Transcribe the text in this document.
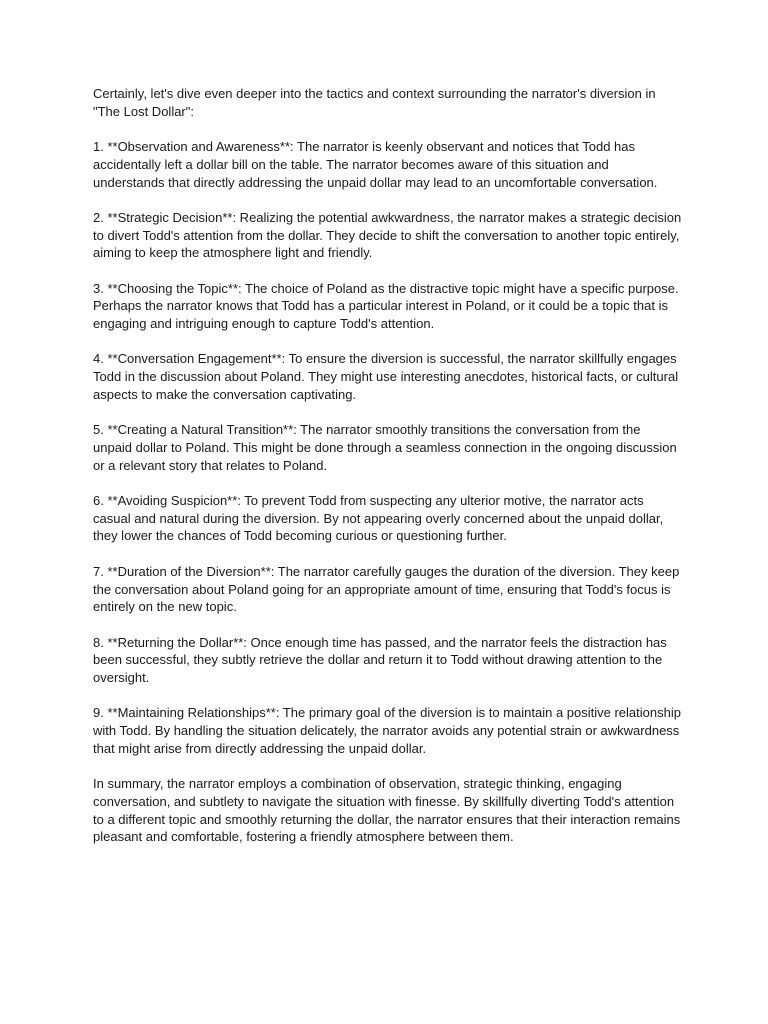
Certainly, let's dive even deeper into the tactics and context surrounding the narrator's diversion in "The Lost Dollar":

1. **Observation and Awareness**: The narrator is keenly observant and notices that Todd has accidentally left a dollar bill on the table. The narrator becomes aware of this situation and understands that directly addressing the unpaid dollar may lead to an uncomfortable conversation.

2. **Strategic Decision**: Realizing the potential awkwardness, the narrator makes a strategic decision to divert Todd's attention from the dollar. They decide to shift the conversation to another topic entirely, aiming to keep the atmosphere light and friendly.

3. **Choosing the Topic**: The choice of Poland as the distractive topic might have a specific purpose. Perhaps the narrator knows that Todd has a particular interest in Poland, or it could be a topic that is engaging and intriguing enough to capture Todd's attention.

4. **Conversation Engagement**: To ensure the diversion is successful, the narrator skillfully engages Todd in the discussion about Poland. They might use interesting anecdotes, historical facts, or cultural aspects to make the conversation captivating.

5. **Creating a Natural Transition**: The narrator smoothly transitions the conversation from the unpaid dollar to Poland. This might be done through a seamless connection in the ongoing discussion or a relevant story that relates to Poland.

6. **Avoiding Suspicion**: To prevent Todd from suspecting any ulterior motive, the narrator acts casual and natural during the diversion. By not appearing overly concerned about the unpaid dollar, they lower the chances of Todd becoming curious or questioning further.

7. **Duration of the Diversion**: The narrator carefully gauges the duration of the diversion. They keep the conversation about Poland going for an appropriate amount of time, ensuring that Todd's focus is entirely on the new topic.

8. **Returning the Dollar**: Once enough time has passed, and the narrator feels the distraction has been successful, they subtly retrieve the dollar and return it to Todd without drawing attention to the oversight.

9. **Maintaining Relationships**: The primary goal of the diversion is to maintain a positive relationship with Todd. By handling the situation delicately, the narrator avoids any potential strain or awkwardness that might arise from directly addressing the unpaid dollar.

In summary, the narrator employs a combination of observation, strategic thinking, engaging conversation, and subtlety to navigate the situation with finesse. By skillfully diverting Todd's attention to a different topic and smoothly returning the dollar, the narrator ensures that their interaction remains pleasant and comfortable, fostering a friendly atmosphere between them.
